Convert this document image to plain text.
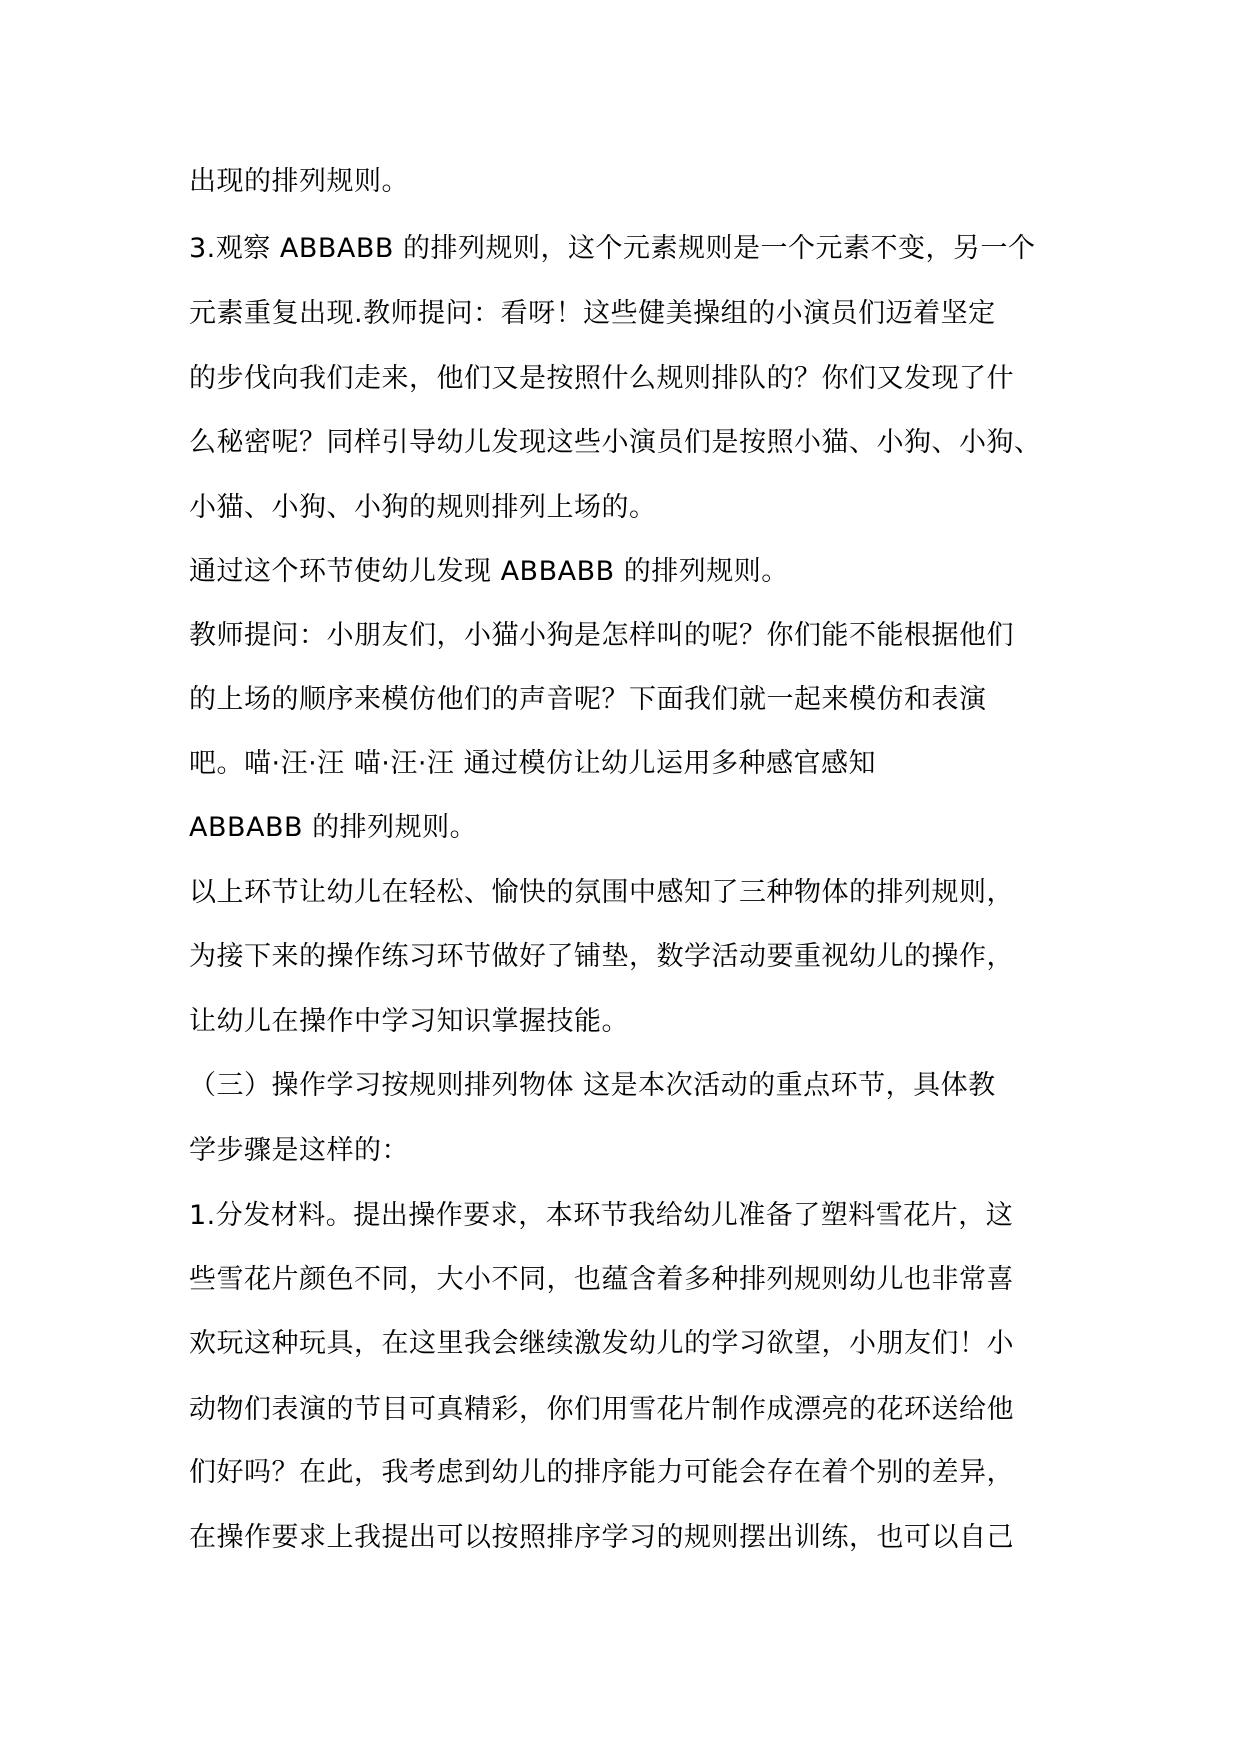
出现的排列规则。
3.观察 ABBABB 的排列规则，这个元素规则是一个元素不变，另一个
元素重复出现.教师提问：看呀！这些健美操组的小演员们迈着坚定
的步伐向我们走来，他们又是按照什么规则排队的？你们又发现了什
么秘密呢？同样引导幼儿发现这些小演员们是按照小猫、小狗、小狗、
小猫、小狗、小狗的规则排列上场的。
通过这个环节使幼儿发现 ABBABB 的排列规则。
教师提问：小朋友们，小猫小狗是怎样叫的呢？你们能不能根据他们
的上场的顺序来模仿他们的声音呢？下面我们就一起来模仿和表演
吧。喵·汪·汪 喵·汪·汪 通过模仿让幼儿运用多种感官感知
ABBABB 的排列规则。
以上环节让幼儿在轻松、愉快的氛围中感知了三种物体的排列规则，
为接下来的操作练习环节做好了铺垫，数学活动要重视幼儿的操作，
让幼儿在操作中学习知识掌握技能。
（三）操作学习按规则排列物体 这是本次活动的重点环节，具体教
学步骤是这样的：
1.分发材料。提出操作要求，本环节我给幼儿准备了塑料雪花片，这
些雪花片颜色不同，大小不同，也蕴含着多种排列规则幼儿也非常喜
欢玩这种玩具，在这里我会继续激发幼儿的学习欲望，小朋友们！小
动物们表演的节目可真精彩，你们用雪花片制作成漂亮的花环送给他
们好吗？在此，我考虑到幼儿的排序能力可能会存在着个别的差异，
在操作要求上我提出可以按照排序学习的规则摆出训练，也可以自己
